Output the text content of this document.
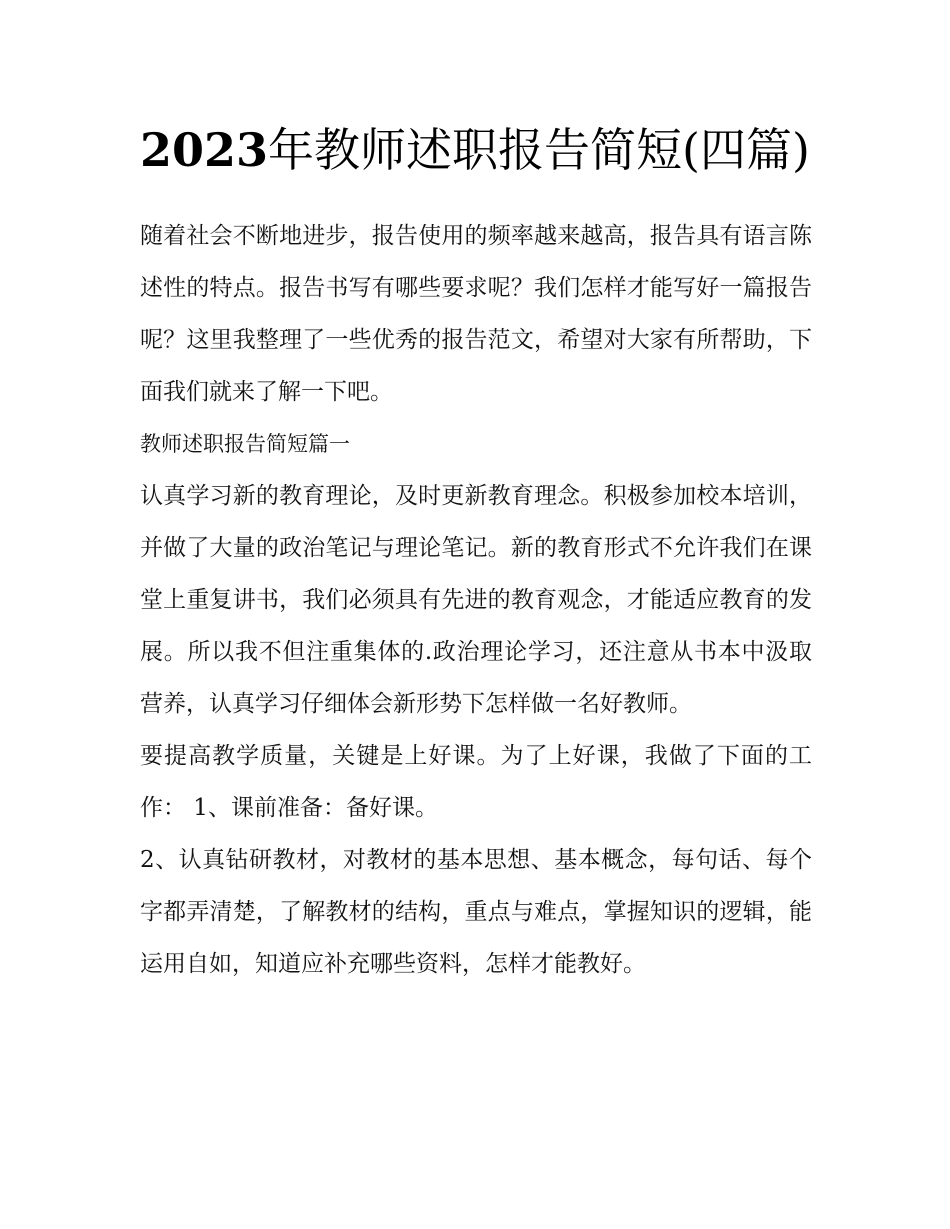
2023年教师述职报告简短(四篇)

随着社会不断地进步，报告使用的频率越来越高，报告具有语言陈述性的特点。报告书写有哪些要求呢？我们怎样才能写好一篇报告呢？这里我整理了一些优秀的报告范文，希望对大家有所帮助，下面我们就来了解一下吧。

教师述职报告简短篇一

认真学习新的教育理论，及时更新教育理念。积极参加校本培训，并做了大量的政治笔记与理论笔记。新的教育形式不允许我们在课堂上重复讲书，我们必须具有先进的教育观念，才能适应教育的发展。所以我不但注重集体的.政治理论学习，还注意从书本中汲取营养，认真学习仔细体会新形势下怎样做一名好教师。

要提高教学质量，关键是上好课。为了上好课，我做了下面的工作： 1、课前准备：备好课。

2、认真钻研教材，对教材的基本思想、基本概念，每句话、每个字都弄清楚，了解教材的结构，重点与难点，掌握知识的逻辑，能运用自如，知道应补充哪些资料，怎样才能教好。
